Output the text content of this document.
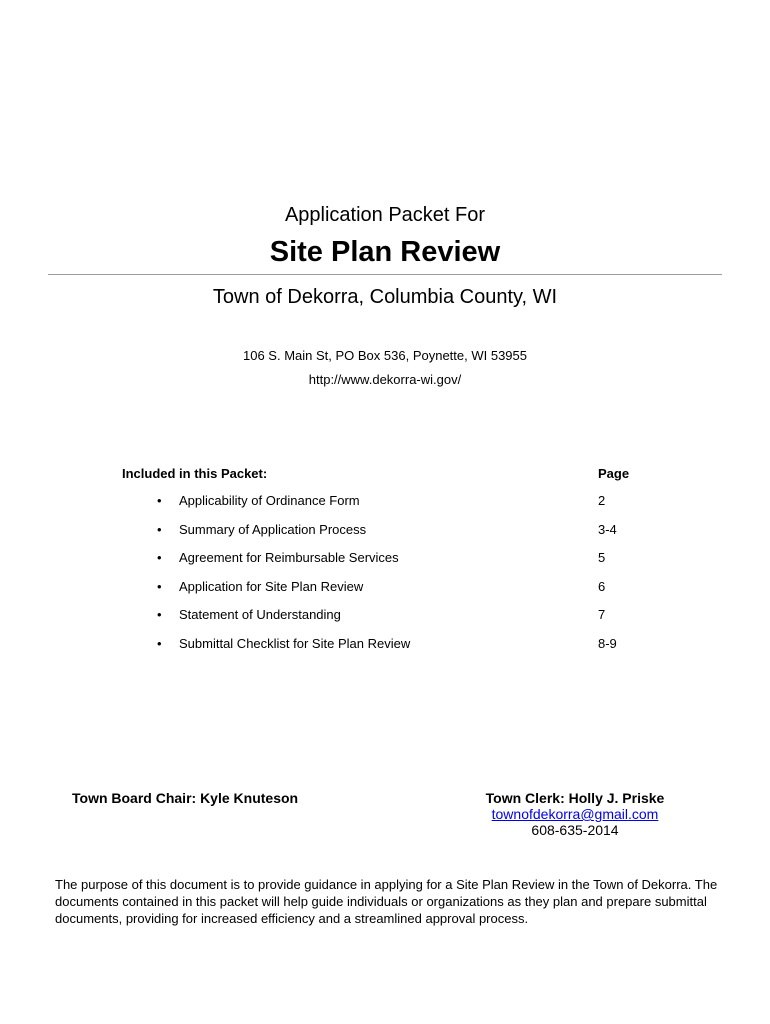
Application Packet For
Site Plan Review
Town of Dekorra, Columbia County, WI
106 S. Main St, PO Box 536, Poynette, WI 53955
http://www.dekorra-wi.gov/
Included in this Packet:	Page
• Applicability of Ordinance Form	2
• Summary of Application Process	3-4
• Agreement for Reimbursable Services	5
• Application for Site Plan Review	6
• Statement of Understanding	7
• Submittal Checklist for Site Plan Review	8-9
Town Board Chair: Kyle Knuteson	Town Clerk: Holly J. Priske
townofdekorra@gmail.com
608-635-2014
The purpose of this document is to provide guidance in applying for a Site Plan Review in the Town of Dekorra. The documents contained in this packet will help guide individuals or organizations as they plan and prepare submittal documents, providing for increased efficiency and a streamlined approval process.
